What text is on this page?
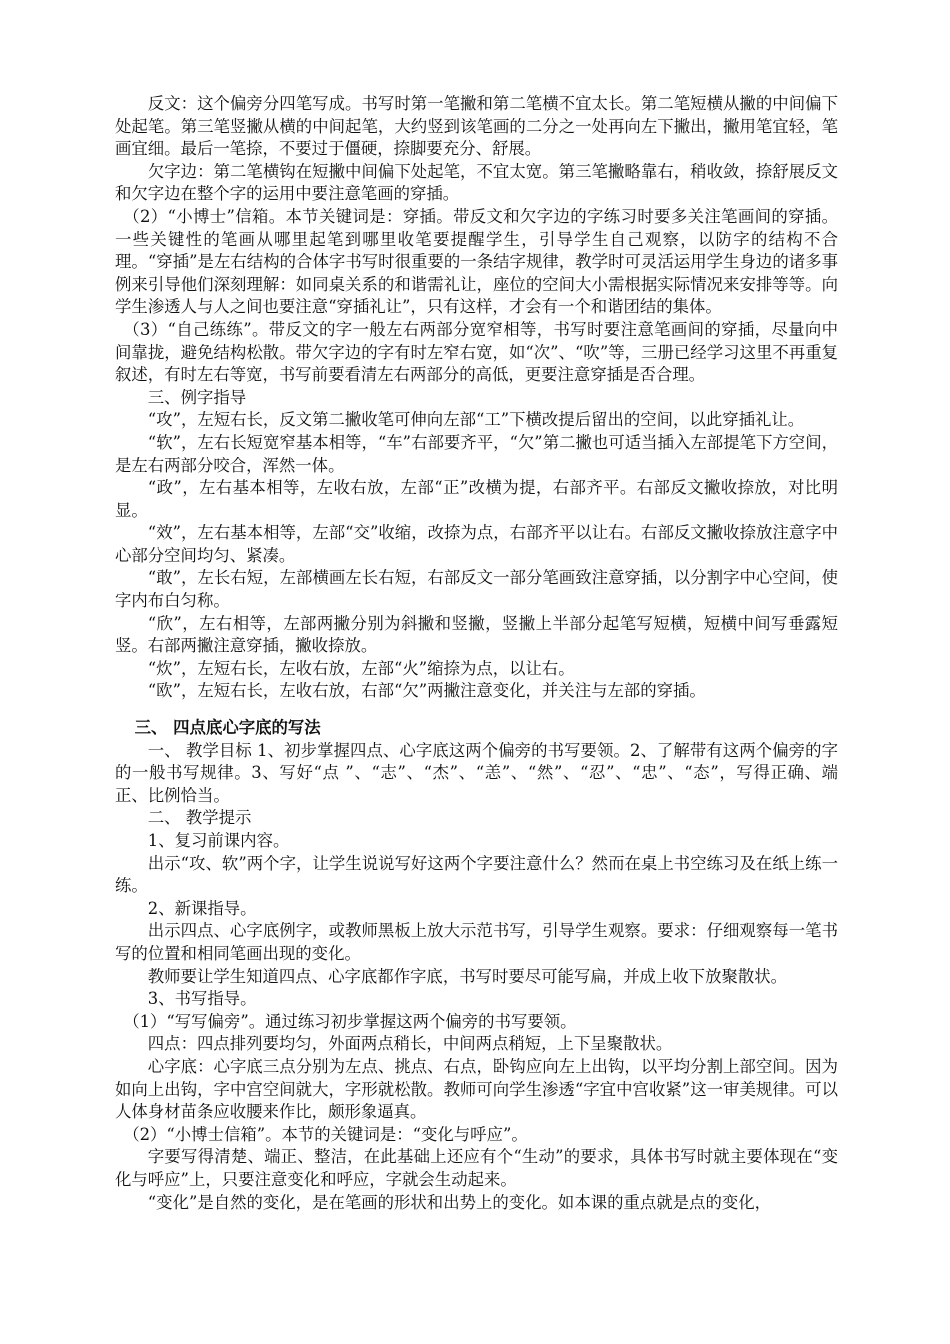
反文：这个偏旁分四笔写成。书写时第一笔撇和第二笔横不宜太长。第二笔短横从撇的中间偏下处起笔。第三笔竖撇从横的中间起笔，大约竖到该笔画的二分之一处再向左下撇出，撇用笔宜轻，笔画宜细。最后一笔捺，不要过于僵硬，捺脚要充分、舒展。

欠字边：第二笔横钩在短撇中间偏下处起笔，不宜太宽。第三笔撇略靠右，稍收敛，捺舒展反文和欠字边在整个字的运用中要注意笔画的穿插。

（2）“小博士”信箱。本节关键词是：穿插。带反文和欠字边的字练习时要多关注笔画间的穿插。一些关键性的笔画从哪里起笔到哪里收笔要提醒学生，引导学生自己观察，以防字的结构不合理。“穿插”是左右结构的合体字书写时很重要的一条结字规律，教学时可灵活运用学生身边的诸多事例来引导他们深刻理解：如同桌关系的和谐需礼让，座位的空间大小需根据实际情况来安排等等。向学生渗透人与人之间也要注意“穿插礼让”，只有这样，才会有一个和谐团结的集体。

（3）“自己练练”。带反文的字一般左右两部分宽窄相等，书写时要注意笔画间的穿插，尽量向中间靠拢，避免结构松散。带欠字边的字有时左窄右宽，如“次”、“吹”等，三册已经学习这里不再重复叙述，有时左右等宽，书写前要看清左右两部分的高低，更要注意穿插是否合理。

三、例字指导

“攻”，左短右长，反文第二撇收笔可伸向左部“工”下横改提后留出的空间，以此穿插礼让。

“软”，左右长短宽窄基本相等，“车”右部要齐平，“欠”第二撇也可适当插入左部提笔下方空间，是左右两部分咬合，浑然一体。

“政”，左右基本相等，左收右放，左部“正”改横为提，右部齐平。右部反文撇收捺放，对比明显。

“效”，左右基本相等，左部“交”收缩，改捺为点，右部齐平以让右。右部反文撇收捺放注意字中心部分空间均匀、紧凑。

“敢”，左长右短，左部横画左长右短，右部反文一部分笔画致注意穿插，以分割字中心空间，使字内布白匀称。

“欣”，左右相等，左部两撇分别为斜撇和竖撇，竖撇上半部分起笔写短横，短横中间写垂露短竖。右部两撇注意穿插，撇收捺放。

“炊”，左短右长，左收右放，左部“火”缩捺为点，以让右。

“欧”，左短右长，左收右放，右部“欠”两撇注意变化，并关注与左部的穿插。

三、 四点底心字底的写法

一、 教学目标 1、初步掌握四点、心字底这两个偏旁的书写要领。2、了解带有这两个偏旁的字的一般书写规律。3、写好“点 ”、“志”、“杰”、“恙”、“然”、“忍”、“忠”、“态”，写得正确、端正、比例恰当。

二、 教学提示

1、复习前课内容。

出示“攻、软”两个字，让学生说说写好这两个字要注意什么？然而在桌上书空练习及在纸上练一练。

2、新课指导。

出示四点、心字底例字，或教师黑板上放大示范书写，引导学生观察。要求：仔细观察每一笔书写的位置和相同笔画出现的变化。

教师要让学生知道四点、心字底都作字底，书写时要尽可能写扁，并成上收下放聚散状。

3、书写指导。

（1）“写写偏旁”。通过练习初步掌握这两个偏旁的书写要领。

四点：四点排列要均匀，外面两点稍长，中间两点稍短，上下呈聚散状。

心字底：心字底三点分别为左点、挑点、右点，卧钩应向左上出钩，以平均分割上部空间。因为如向上出钩，字中宫空间就大，字形就松散。教师可向学生渗透“字宜中宫收紧”这一审美规律。可以人体身材苗条应收腰来作比，颇形象逼真。

（2）“小博士信箱”。本节的关键词是：“变化与呼应”。

字要写得清楚、端正、整洁，在此基础上还应有个“生动”的要求，具体书写时就主要体现在“变化与呼应”上，只要注意变化和呼应，字就会生动起来。

“变化”是自然的变化，是在笔画的形状和出势上的变化。如本课的重点就是点的变化，
